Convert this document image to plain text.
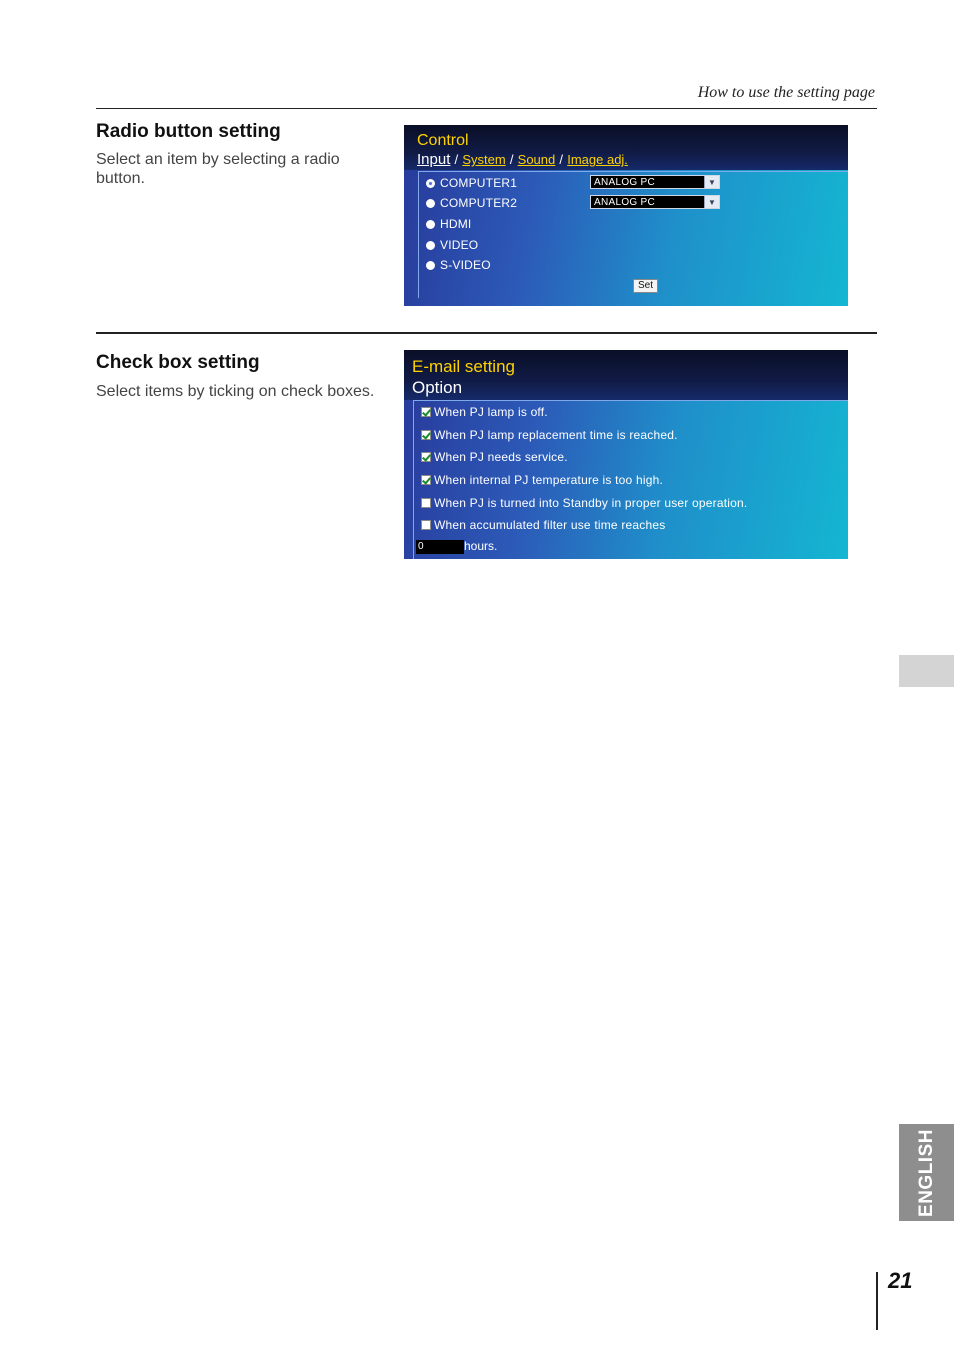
How to use the setting page
Radio button setting
Select an item by selecting a radio button.
Control
Input / System / Sound / Image adj.
COMPUTER1	ANALOG PC	▼
COMPUTER2	ANALOG PC	▼
HDMI
VIDEO
S-VIDEO
Set
Check box setting
Select items by ticking on check boxes.
E-mail setting
Option
When PJ lamp is off.
When PJ lamp replacement time is reached.
When PJ needs service.
When internal PJ temperature is too high.
When PJ is turned into Standby in proper user operation.
When accumulated filter use time reaches
0	hours.
ENGLISH
21
